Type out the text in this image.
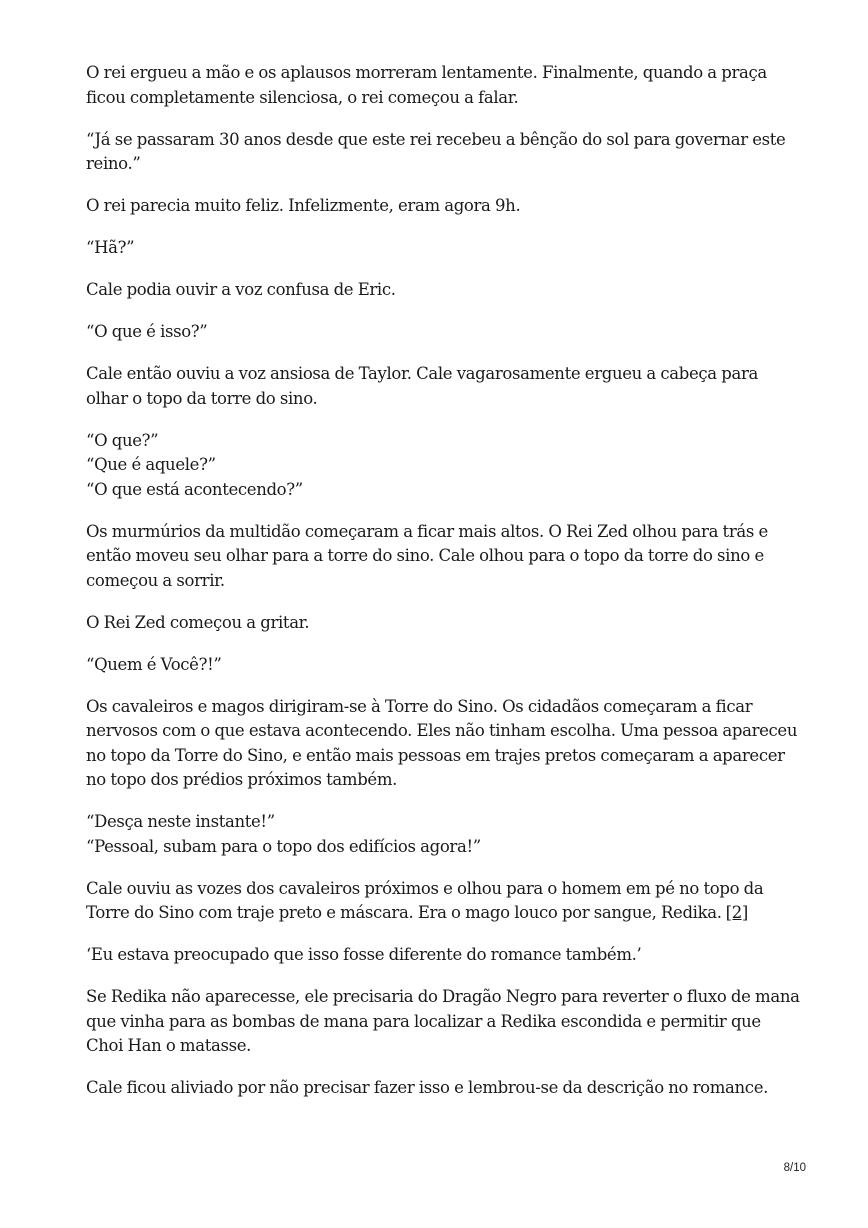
O rei ergueu a mão e os aplausos morreram lentamente. Finalmente, quando a praça
ficou completamente silenciosa, o rei começou a falar.

“Já se passaram 30 anos desde que este rei recebeu a bênção do sol para governar este
reino.”

O rei parecia muito feliz. Infelizmente, eram agora 9h.

“Hã?”

Cale podia ouvir a voz confusa de Eric.

“O que é isso?”

Cale então ouviu a voz ansiosa de Taylor. Cale vagarosamente ergueu a cabeça para
olhar o topo da torre do sino.

“O que?”
“Que é aquele?”
“O que está acontecendo?”

Os murmúrios da multidão começaram a ficar mais altos. O Rei Zed olhou para trás e
então moveu seu olhar para a torre do sino. Cale olhou para o topo da torre do sino e
começou a sorrir.

O Rei Zed começou a gritar.

“Quem é Você?!”

Os cavaleiros e magos dirigiram-se à Torre do Sino. Os cidadãos começaram a ficar
nervosos com o que estava acontecendo. Eles não tinham escolha. Uma pessoa apareceu
no topo da Torre do Sino, e então mais pessoas em trajes pretos começaram a aparecer
no topo dos prédios próximos também.

“Desça neste instante!”
“Pessoal, subam para o topo dos edifícios agora!”

Cale ouviu as vozes dos cavaleiros próximos e olhou para o homem em pé no topo da
Torre do Sino com traje preto e máscara. Era o mago louco por sangue, Redika. [2]

‘Eu estava preocupado que isso fosse diferente do romance também.’

Se Redika não aparecesse, ele precisaria do Dragão Negro para reverter o fluxo de mana
que vinha para as bombas de mana para localizar a Redika escondida e permitir que
Choi Han o matasse.

Cale ficou aliviado por não precisar fazer isso e lembrou-se da descrição no romance.

8/10
